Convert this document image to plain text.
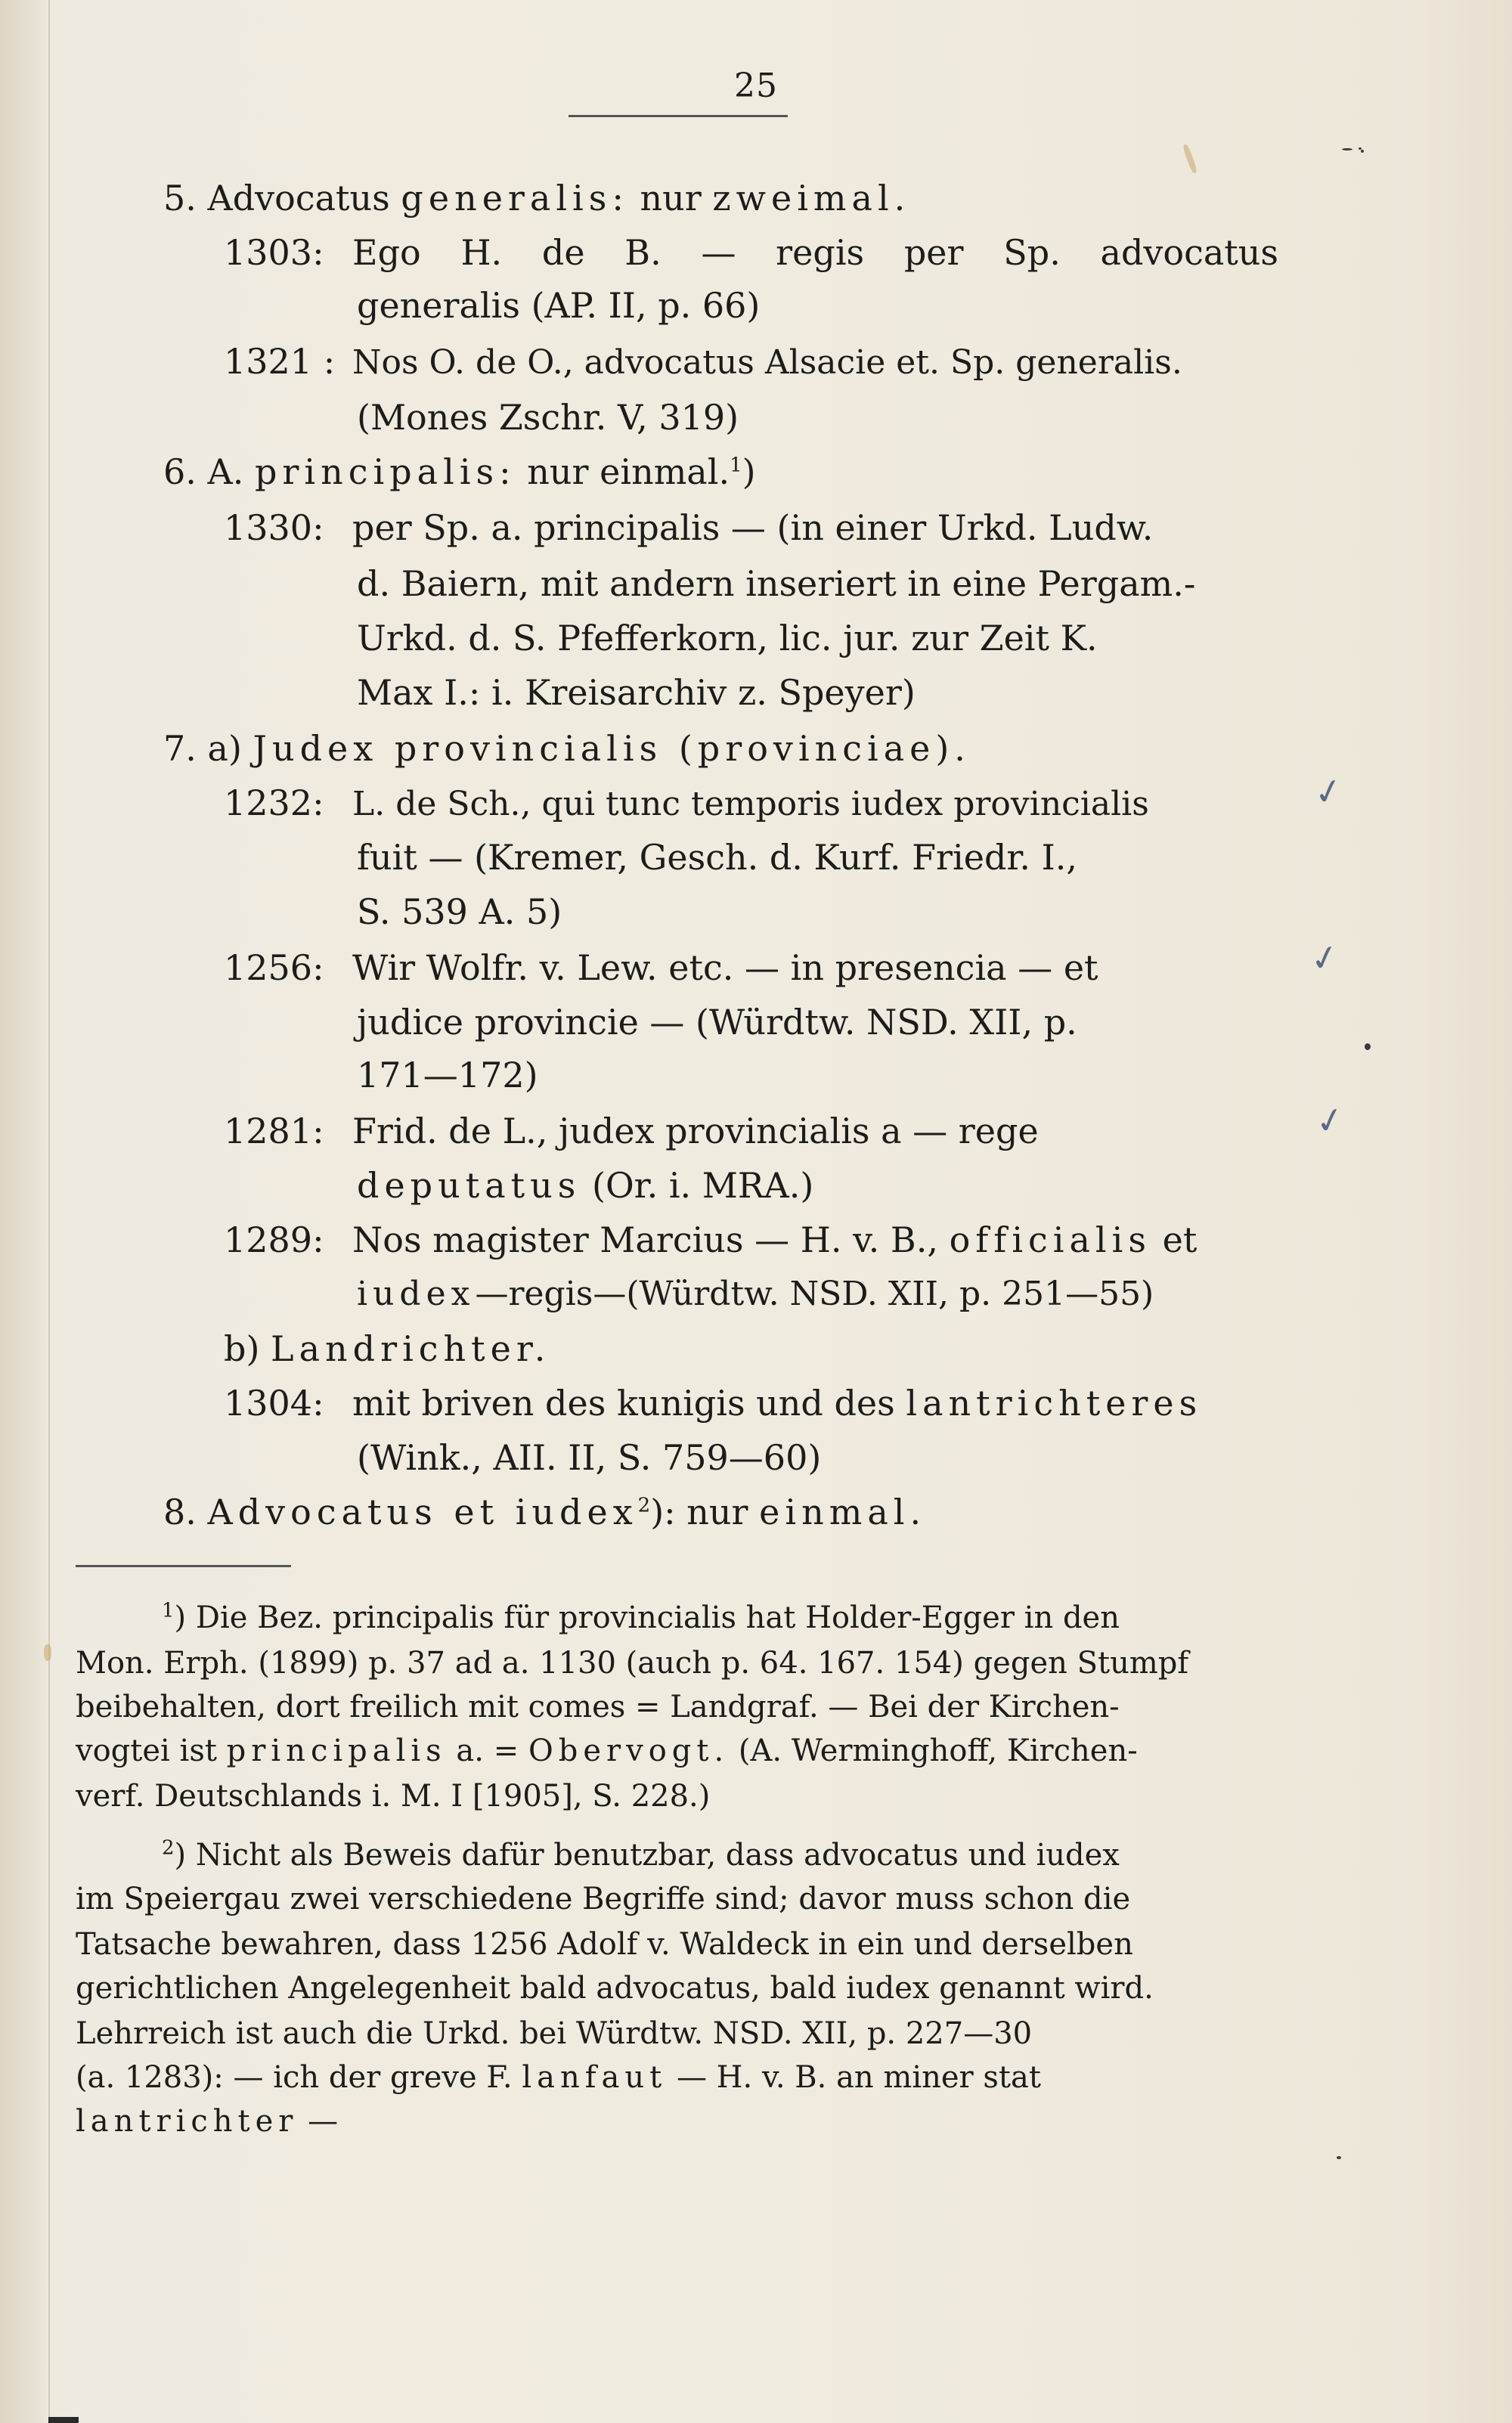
25
5. Advocatus generalis: nur zweimal.
1303: Ego H. de B. — regis per Sp. advocatus
generalis (AP. II, p. 66)
1321 : Nos O. de O., advocatus Alsacie et. Sp. generalis.
(Mones Zschr. V, 319)
6. A. principalis: nur einmal.$^1$)
1330: per Sp. a. principalis — (in einer Urkd. Ludw.
d. Baiern, mit andern inseriert in eine Pergam.-
Urkd. d. S. Pfefferkorn, lic. jur. zur Zeit K.
Max I.: i. Kreisarchiv z. Speyer)
7. a) Judex provincialis (provinciae).
1232: L. de Sch., qui tunc temporis iudex provincialis
fuit — (Kremer, Gesch. d. Kurf. Friedr. I.,
S. 539 A. 5)
1256: Wir Wolfr. v. Lew. etc. — in presencia — et
judice provincie — (Würdtw. NSD. XII, p.
171—172)
1281: Frid. de L., judex provincialis a — rege
deputatus (Or. i. MRA.)
1289: Nos magister Marcius — H. v. B., officialis et
iudex—regis—(Würdtw. NSD. XII, p. 251—55)
b) Landrichter.
1304: mit briven des kunigis und des lantrichteres
(Wink., AII. II, S. 759—60)
8. Advocatus et iudex$^2$): nur einmal.
✓
✓
✓
$^1$) Die Bez. principalis für provincialis hat Holder-Egger in den
Mon. Erph. (1899) p. 37 ad a. 1130 (auch p. 64. 167. 154) gegen Stumpf
beibehalten, dort freilich mit comes = Landgraf. — Bei der Kirchen-
vogtei ist principalis a. = Obervogt. (A. Werminghoff, Kirchen-
verf. Deutschlands i. M. I [1905], S. 228.)
$^2$) Nicht als Beweis dafür benutzbar, dass advocatus und iudex
im Speiergau zwei verschiedene Begriffe sind; davor muss schon die
Tatsache bewahren, dass 1256 Adolf v. Waldeck in ein und derselben
gerichtlichen Angelegenheit bald advocatus, bald iudex genannt wird.
Lehrreich ist auch die Urkd. bei Würdtw. NSD. XII, p. 227—30
(a. 1283): — ich der greve F. lanfaut — H. v. B. an miner stat
lantrichter —
